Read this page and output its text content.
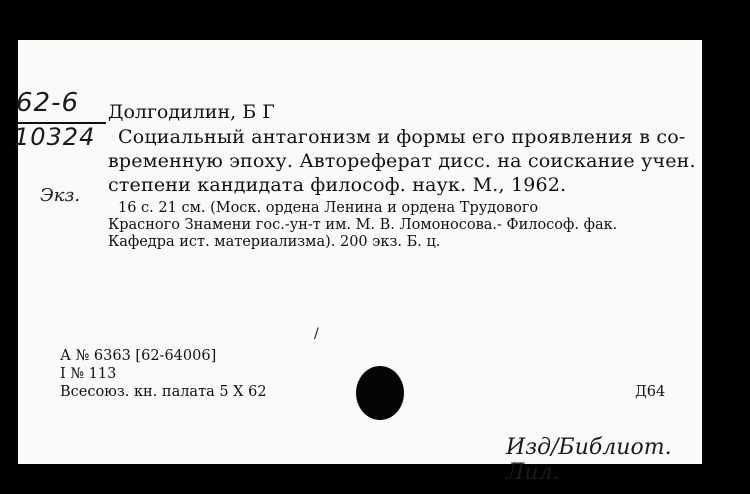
62-6
10324
Экз.
Долгодилин, Б Г
Социальный антагонизм и формы его проявления в со-
временную эпоху. Автореферат дисс. на соискание учен.
степени кандидата философ. наук. М., 1962.
16 с. 21 см. (Моск. ордена Ленина и ордена Трудового
Красного Знамени гос.-ун-т им. М. В. Ломоносова.- Философ. фак.
Кафедра ист. материализма). 200 экз. Б. ц.
/
А № 6363 [62-64006]
I № 113
Всесоюз. кн. палата 5 X 62	Д64
Изд/Библиот. Лил.
